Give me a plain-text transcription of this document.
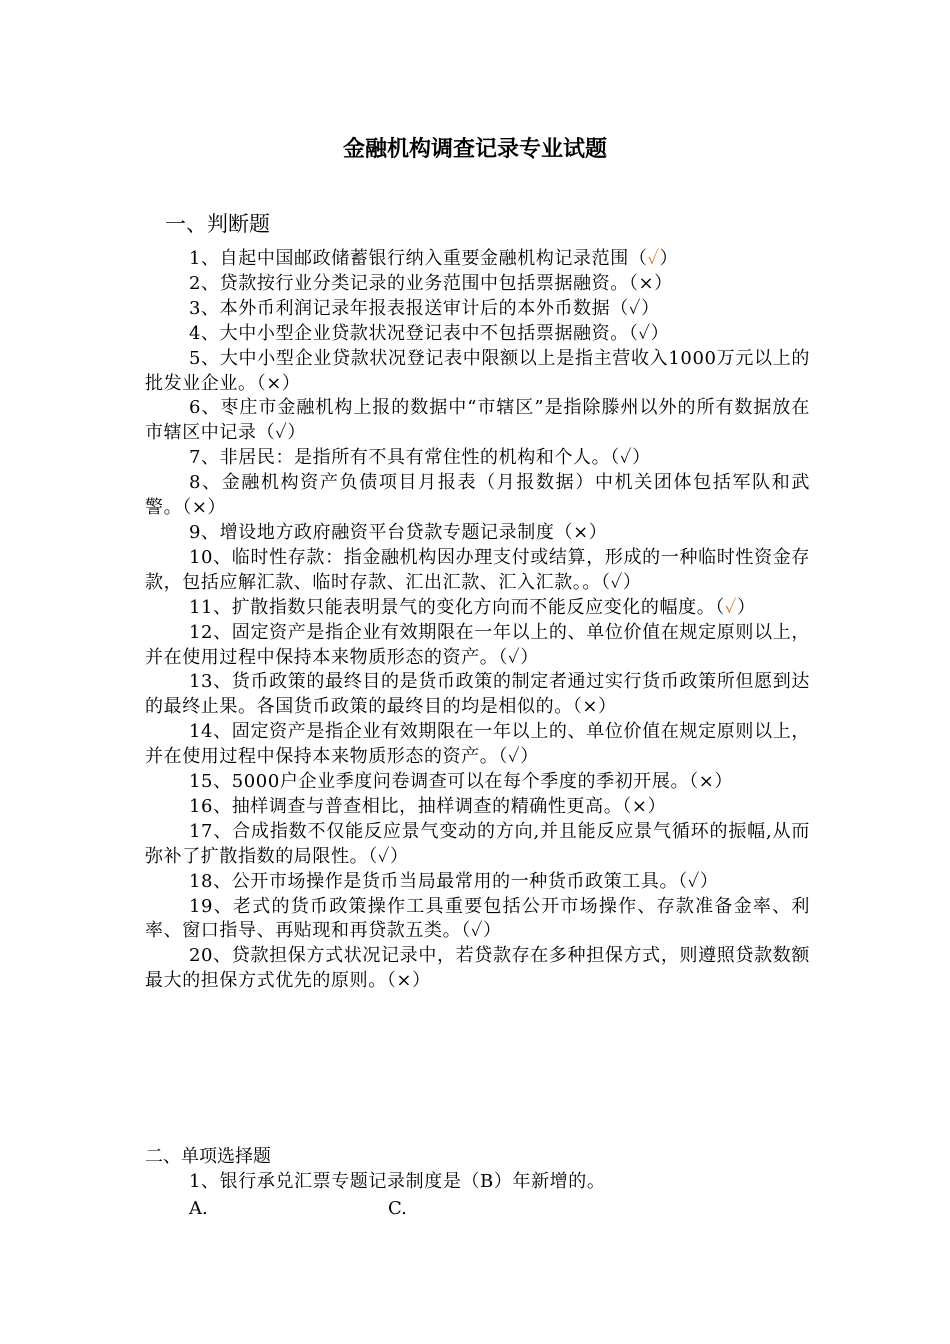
金融机构调查记录专业试题
一、判断题

1、自起中国邮政储蓄银行纳入重要金融机构记录范围（✓）

2、贷款按行业分类记录的业务范围中包括票据融资。（×）

3、本外币利润记录年报表报送审计后的本外币数据（✓）

4、大中小型企业贷款状况登记表中不包括票据融资。（✓）

5、大中小型企业贷款状况登记表中限额以上是指主营收入1000万元以上的批发业企业。（×）

6、枣庄市金融机构上报的数据中“市辖区”是指除滕州以外的所有数据放在市辖区中记录（✓）

7、非居民：是指所有不具有常住性的机构和个人。（✓）

8、金融机构资产负债项目月报表（月报数据）中机关团体包括军队和武警。（×）

9、增设地方政府融资平台贷款专题记录制度（×）

10、临时性存款：指金融机构因办理支付或结算，形成的一种临时性资金存款，包括应解汇款、临时存款、汇出汇款、汇入汇款。。（✓）

11、扩散指数只能表明景气的变化方向而不能反应变化的幅度。（✓）

12、固定资产是指企业有效期限在一年以上的、单位价值在规定原则以上，并在使用过程中保持本来物质形态的资产。（✓）

13、货币政策的最终目的是货币政策的制定者通过实行货币政策所但愿到达的最终止果。各国货币政策的最终目的均是相似的。（×）

14、固定资产是指企业有效期限在一年以上的、单位价值在规定原则以上，并在使用过程中保持本来物质形态的资产。（✓）

15、5000户企业季度问卷调查可以在每个季度的季初开展。（×）

16、抽样调查与普查相比，抽样调查的精确性更高。（×）

17、合成指数不仅能反应景气变动的方向,并且能反应景气循环的振幅,从而弥补了扩散指数的局限性。（✓）

18、公开市场操作是货币当局最常用的一种货币政策工具。（✓）

19、老式的货币政策操作工具重要包括公开市场操作、存款准备金率、利率、窗口指导、再贴现和再贷款五类。（✓）

20、贷款担保方式状况记录中，若贷款存在多种担保方式，则遵照贷款数额最大的担保方式优先的原则。（×）

二、单项选择题

1、银行承兑汇票专题记录制度是（B）年新增的。

A.	C.
